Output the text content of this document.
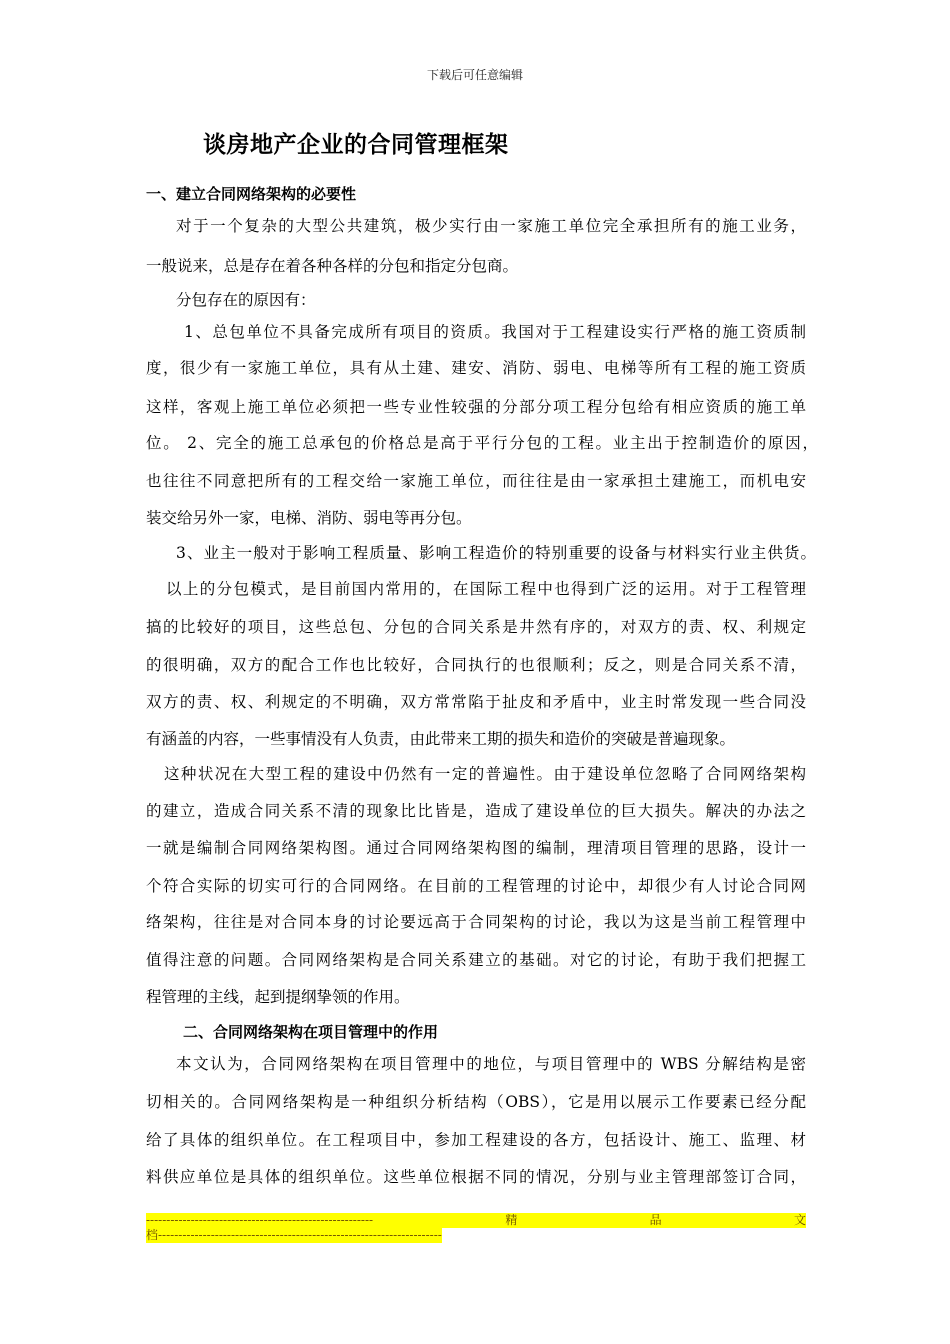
下载后可任意编辑
谈房地产企业的合同管理框架
一、建立合同网络架构的必要性
对于一个复杂的大型公共建筑，极少实行由一家施工单位完全承担所有的施工业务，
一般说来，总是存在着各种各样的分包和指定分包商。
分包存在的原因有：
1、总包单位不具备完成所有项目的资质。我国对于工程建设实行严格的施工资质制
度，很少有一家施工单位，具有从土建、建安、消防、弱电、电梯等所有工程的施工资质
这样，客观上施工单位必须把一些专业性较强的分部分项工程分包给有相应资质的施工单
位。 2、完全的施工总承包的价格总是高于平行分包的工程。业主出于控制造价的原因，
也往往不同意把所有的工程交给一家施工单位，而往往是由一家承担土建施工，而机电安
装交给另外一家，电梯、消防、弱电等再分包。
3、业主一般对于影响工程质量、影响工程造价的特别重要的设备与材料实行业主供货。
以上的分包模式，是目前国内常用的，在国际工程中也得到广泛的运用。对于工程管理
搞的比较好的项目，这些总包、分包的合同关系是井然有序的，对双方的责、权、利规定
的很明确，双方的配合工作也比较好，合同执行的也很顺利；反之，则是合同关系不清，
双方的责、权、利规定的不明确，双方常常陷于扯皮和矛盾中，业主时常发现一些合同没
有涵盖的内容，一些事情没有人负责，由此带来工期的损失和造价的突破是普遍现象。
这种状况在大型工程的建设中仍然有一定的普遍性。由于建设单位忽略了合同网络架构
的建立，造成合同关系不清的现象比比皆是，造成了建设单位的巨大损失。解决的办法之
一就是编制合同网络架构图。通过合同网络架构图的编制，理清项目管理的思路，设计一
个符合实际的切实可行的合同网络。在目前的工程管理的讨论中，却很少有人讨论合同网
络架构，往往是对合同本身的讨论要远高于合同架构的讨论，我以为这是当前工程管理中
值得注意的问题。合同网络架构是合同关系建立的基础。对它的讨论，有助于我们把握工
程管理的主线，起到提纲挚领的作用。
二、合同网络架构在项目管理中的作用
本文认为，合同网络架构在项目管理中的地位，与项目管理中的 WBS 分解结构是密
切相关的。合同网络架构是一种组织分析结构（OBS），它是用以展示工作要素已经分配
给了具体的组织单位。在工程项目中，参加工程建设的各方，包括设计、施工、监理、材
料供应单位是具体的组织单位。这些单位根据不同的情况，分别与业主管理部签订合同，
--------------------------------------------------------	精	品	文
档----------------------------------------------------------------------
